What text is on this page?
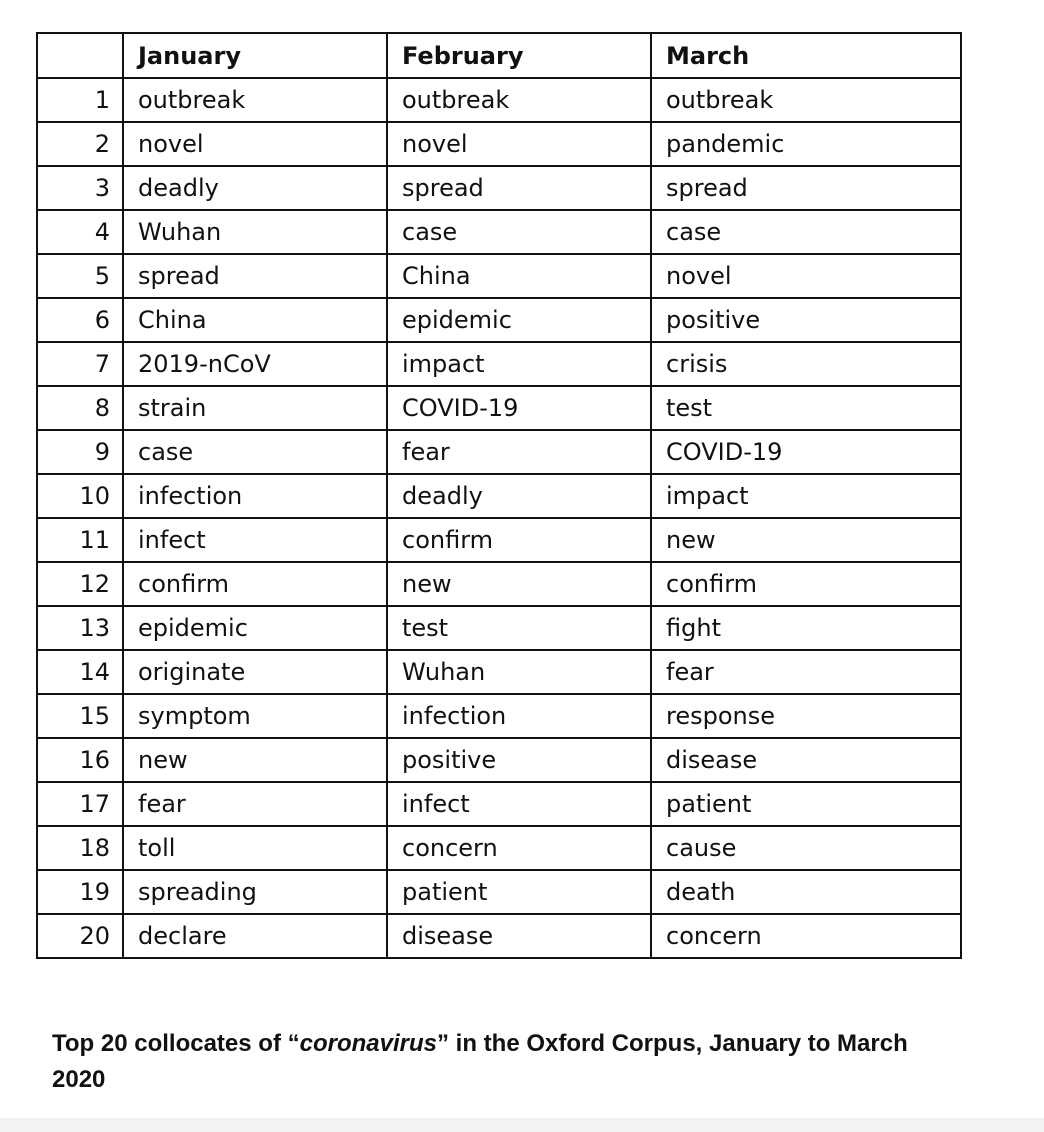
	January	February	March
1	outbreak	outbreak	outbreak
2	novel	novel	pandemic
3	deadly	spread	spread
4	Wuhan	case	case
5	spread	China	novel
6	China	epidemic	positive
7	2019-nCoV	impact	crisis
8	strain	COVID-19	test
9	case	fear	COVID-19
10	infection	deadly	impact
11	infect	confirm	new
12	confirm	new	confirm
13	epidemic	test	fight
14	originate	Wuhan	fear
15	symptom	infection	response
16	new	positive	disease
17	fear	infect	patient
18	toll	concern	cause
19	spreading	patient	death
20	declare	disease	concern
Top 20 collocates of “coronavirus” in the Oxford Corpus, January to March 2020
